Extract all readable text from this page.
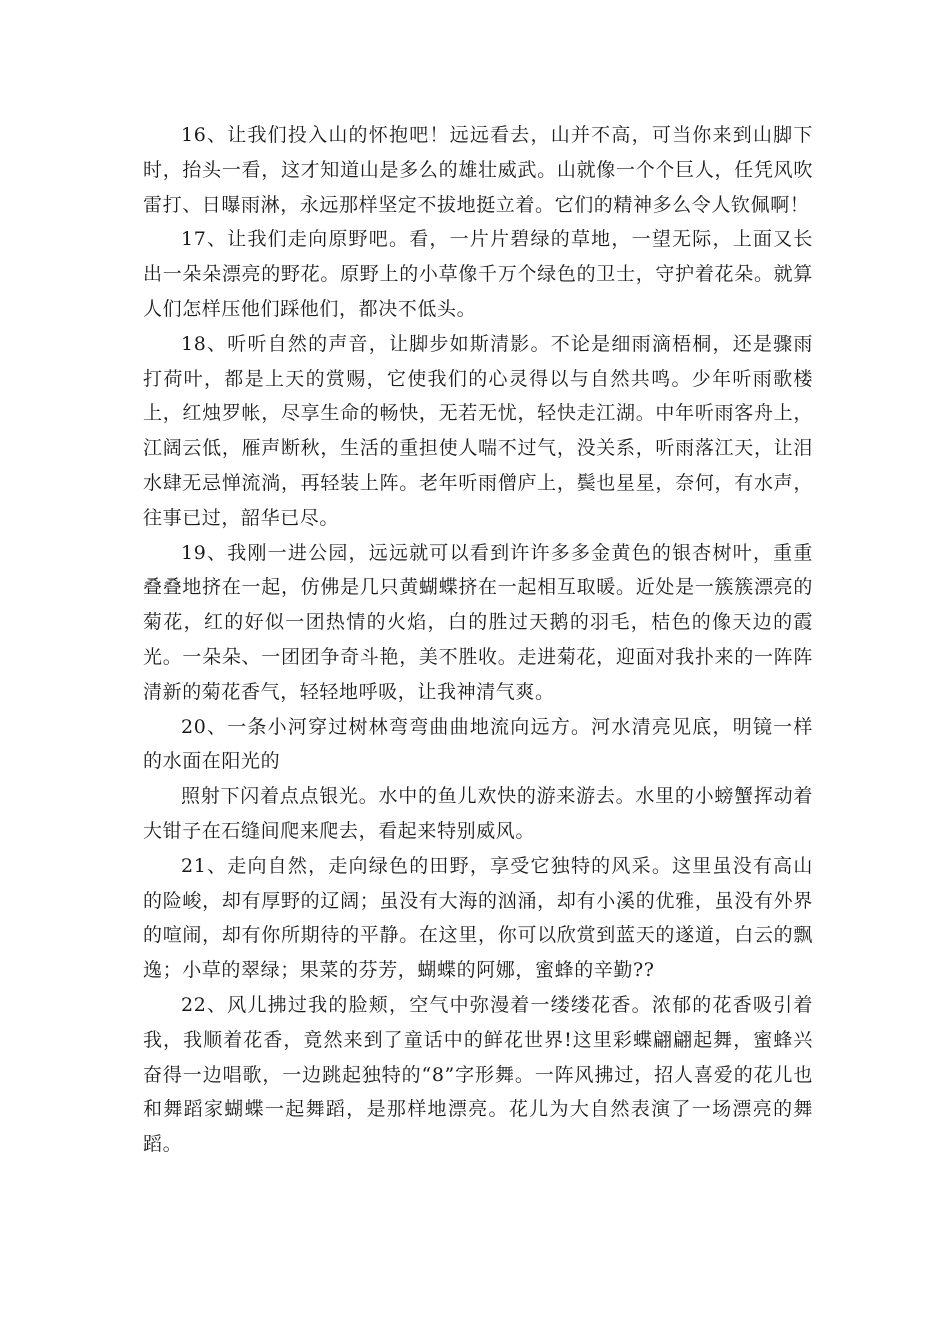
16、让我们投入山的怀抱吧！远远看去，山并不高，可当你来到山脚下时，抬头一看，这才知道山是多么的雄壮威武。山就像一个个巨人，任凭风吹雷打、日曝雨淋，永远那样坚定不拔地挺立着。它们的精神多么令人钦佩啊！

17、让我们走向原野吧。看，一片片碧绿的草地，一望无际，上面又长出一朵朵漂亮的野花。原野上的小草像千万个绿色的卫士，守护着花朵。就算人们怎样压他们踩他们，都决不低头。

18、听听自然的声音，让脚步如斯清影。不论是细雨滴梧桐，还是骤雨打荷叶，都是上天的赏赐，它使我们的心灵得以与自然共鸣。少年听雨歌楼上，红烛罗帐，尽享生命的畅快，无若无忧，轻快走江湖。中年听雨客舟上，江阔云低，雁声断秋，生活的重担使人喘不过气，没关系，听雨落江天，让泪水肆无忌惮流淌，再轻装上阵。老年听雨僧庐上，鬓也星星，奈何，有水声，往事已过，韶华已尽。

19、我刚一进公园，远远就可以看到许许多多金黄色的银杏树叶，重重叠叠地挤在一起，仿佛是几只黄蝴蝶挤在一起相互取暖。近处是一簇簇漂亮的菊花，红的好似一团热情的火焰，白的胜过天鹅的羽毛，桔色的像天边的霞光。一朵朵、一团团争奇斗艳，美不胜收。走进菊花，迎面对我扑来的一阵阵清新的菊花香气，轻轻地呼吸，让我神清气爽。

20、一条小河穿过树林弯弯曲曲地流向远方。河水清亮见底，明镜一样的水面在阳光的

照射下闪着点点银光。水中的鱼儿欢快的游来游去。水里的小螃蟹挥动着大钳子在石缝间爬来爬去，看起来特别威风。

21、走向自然，走向绿色的田野，享受它独特的风采。这里虽没有高山的险峻，却有厚野的辽阔；虽没有大海的汹涌，却有小溪的优雅，虽没有外界的喧闹，却有你所期待的平静。在这里，你可以欣赏到蓝天的遂道，白云的飘逸；小草的翠绿；果菜的芬芳，蝴蝶的阿娜，蜜蜂的辛勤??

22、风儿拂过我的脸颊，空气中弥漫着一缕缕花香。浓郁的花香吸引着我，我顺着花香，竟然来到了童话中的鲜花世界!这里彩蝶翩翩起舞，蜜蜂兴奋得一边唱歌，一边跳起独特的“8”字形舞。一阵风拂过，招人喜爱的花儿也和舞蹈家蝴蝶一起舞蹈，是那样地漂亮。花儿为大自然表演了一场漂亮的舞蹈。
